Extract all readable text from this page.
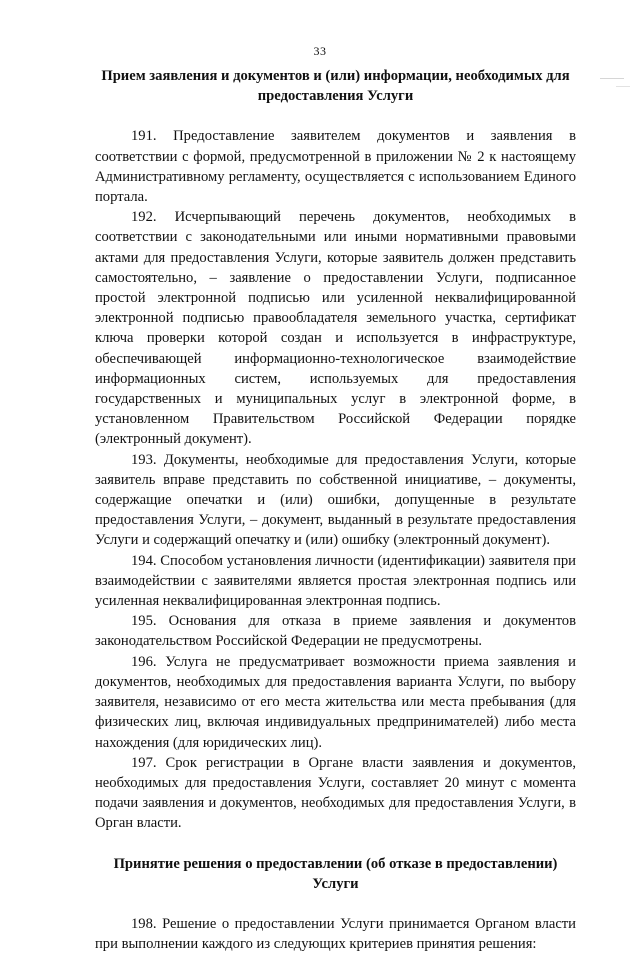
33
Прием заявления и документов и (или) информации, необходимых для предоставления Услуги

191. Предоставление заявителем документов и заявления в соответствии с формой, предусмотренной в приложении № 2 к настоящему Административному регламенту, осуществляется с использованием Единого портала.

192. Исчерпывающий перечень документов, необходимых в соответствии с законодательными или иными нормативными правовыми актами для предоставления Услуги, которые заявитель должен представить самостоятельно, – заявление о предоставлении Услуги, подписанное простой электронной подписью или усиленной неквалифицированной электронной подписью правообладателя земельного участка, сертификат ключа проверки которой создан и используется в инфраструктуре, обеспечивающей информационно-технологическое взаимодействие информационных систем, используемых для предоставления государственных и муниципальных услуг в электронной форме, в установленном Правительством Российской Федерации порядке (электронный документ).

193. Документы, необходимые для предоставления Услуги, которые заявитель вправе представить по собственной инициативе, – документы, содержащие опечатки и (или) ошибки, допущенные в результате предоставления Услуги, – документ, выданный в результате предоставления Услуги и содержащий опечатку и (или) ошибку (электронный документ).

194. Способом установления личности (идентификации) заявителя при взаимодействии с заявителями является простая электронная подпись или усиленная неквалифицированная электронная подпись.

195. Основания для отказа в приеме заявления и документов законодательством Российской Федерации не предусмотрены.

196. Услуга не предусматривает возможности приема заявления и документов, необходимых для предоставления варианта Услуги, по выбору заявителя, независимо от его места жительства или места пребывания (для физических лиц, включая индивидуальных предпринимателей) либо места нахождения (для юридических лиц).

197. Срок регистрации в Органе власти заявления и документов, необходимых для предоставления Услуги, составляет 20 минут с момента подачи заявления и документов, необходимых для предоставления Услуги, в Орган власти.

Принятие решения о предоставлении (об отказе в предоставлении) Услуги

198. Решение о предоставлении Услуги принимается Органом власти при выполнении каждого из следующих критериев принятия решения:
